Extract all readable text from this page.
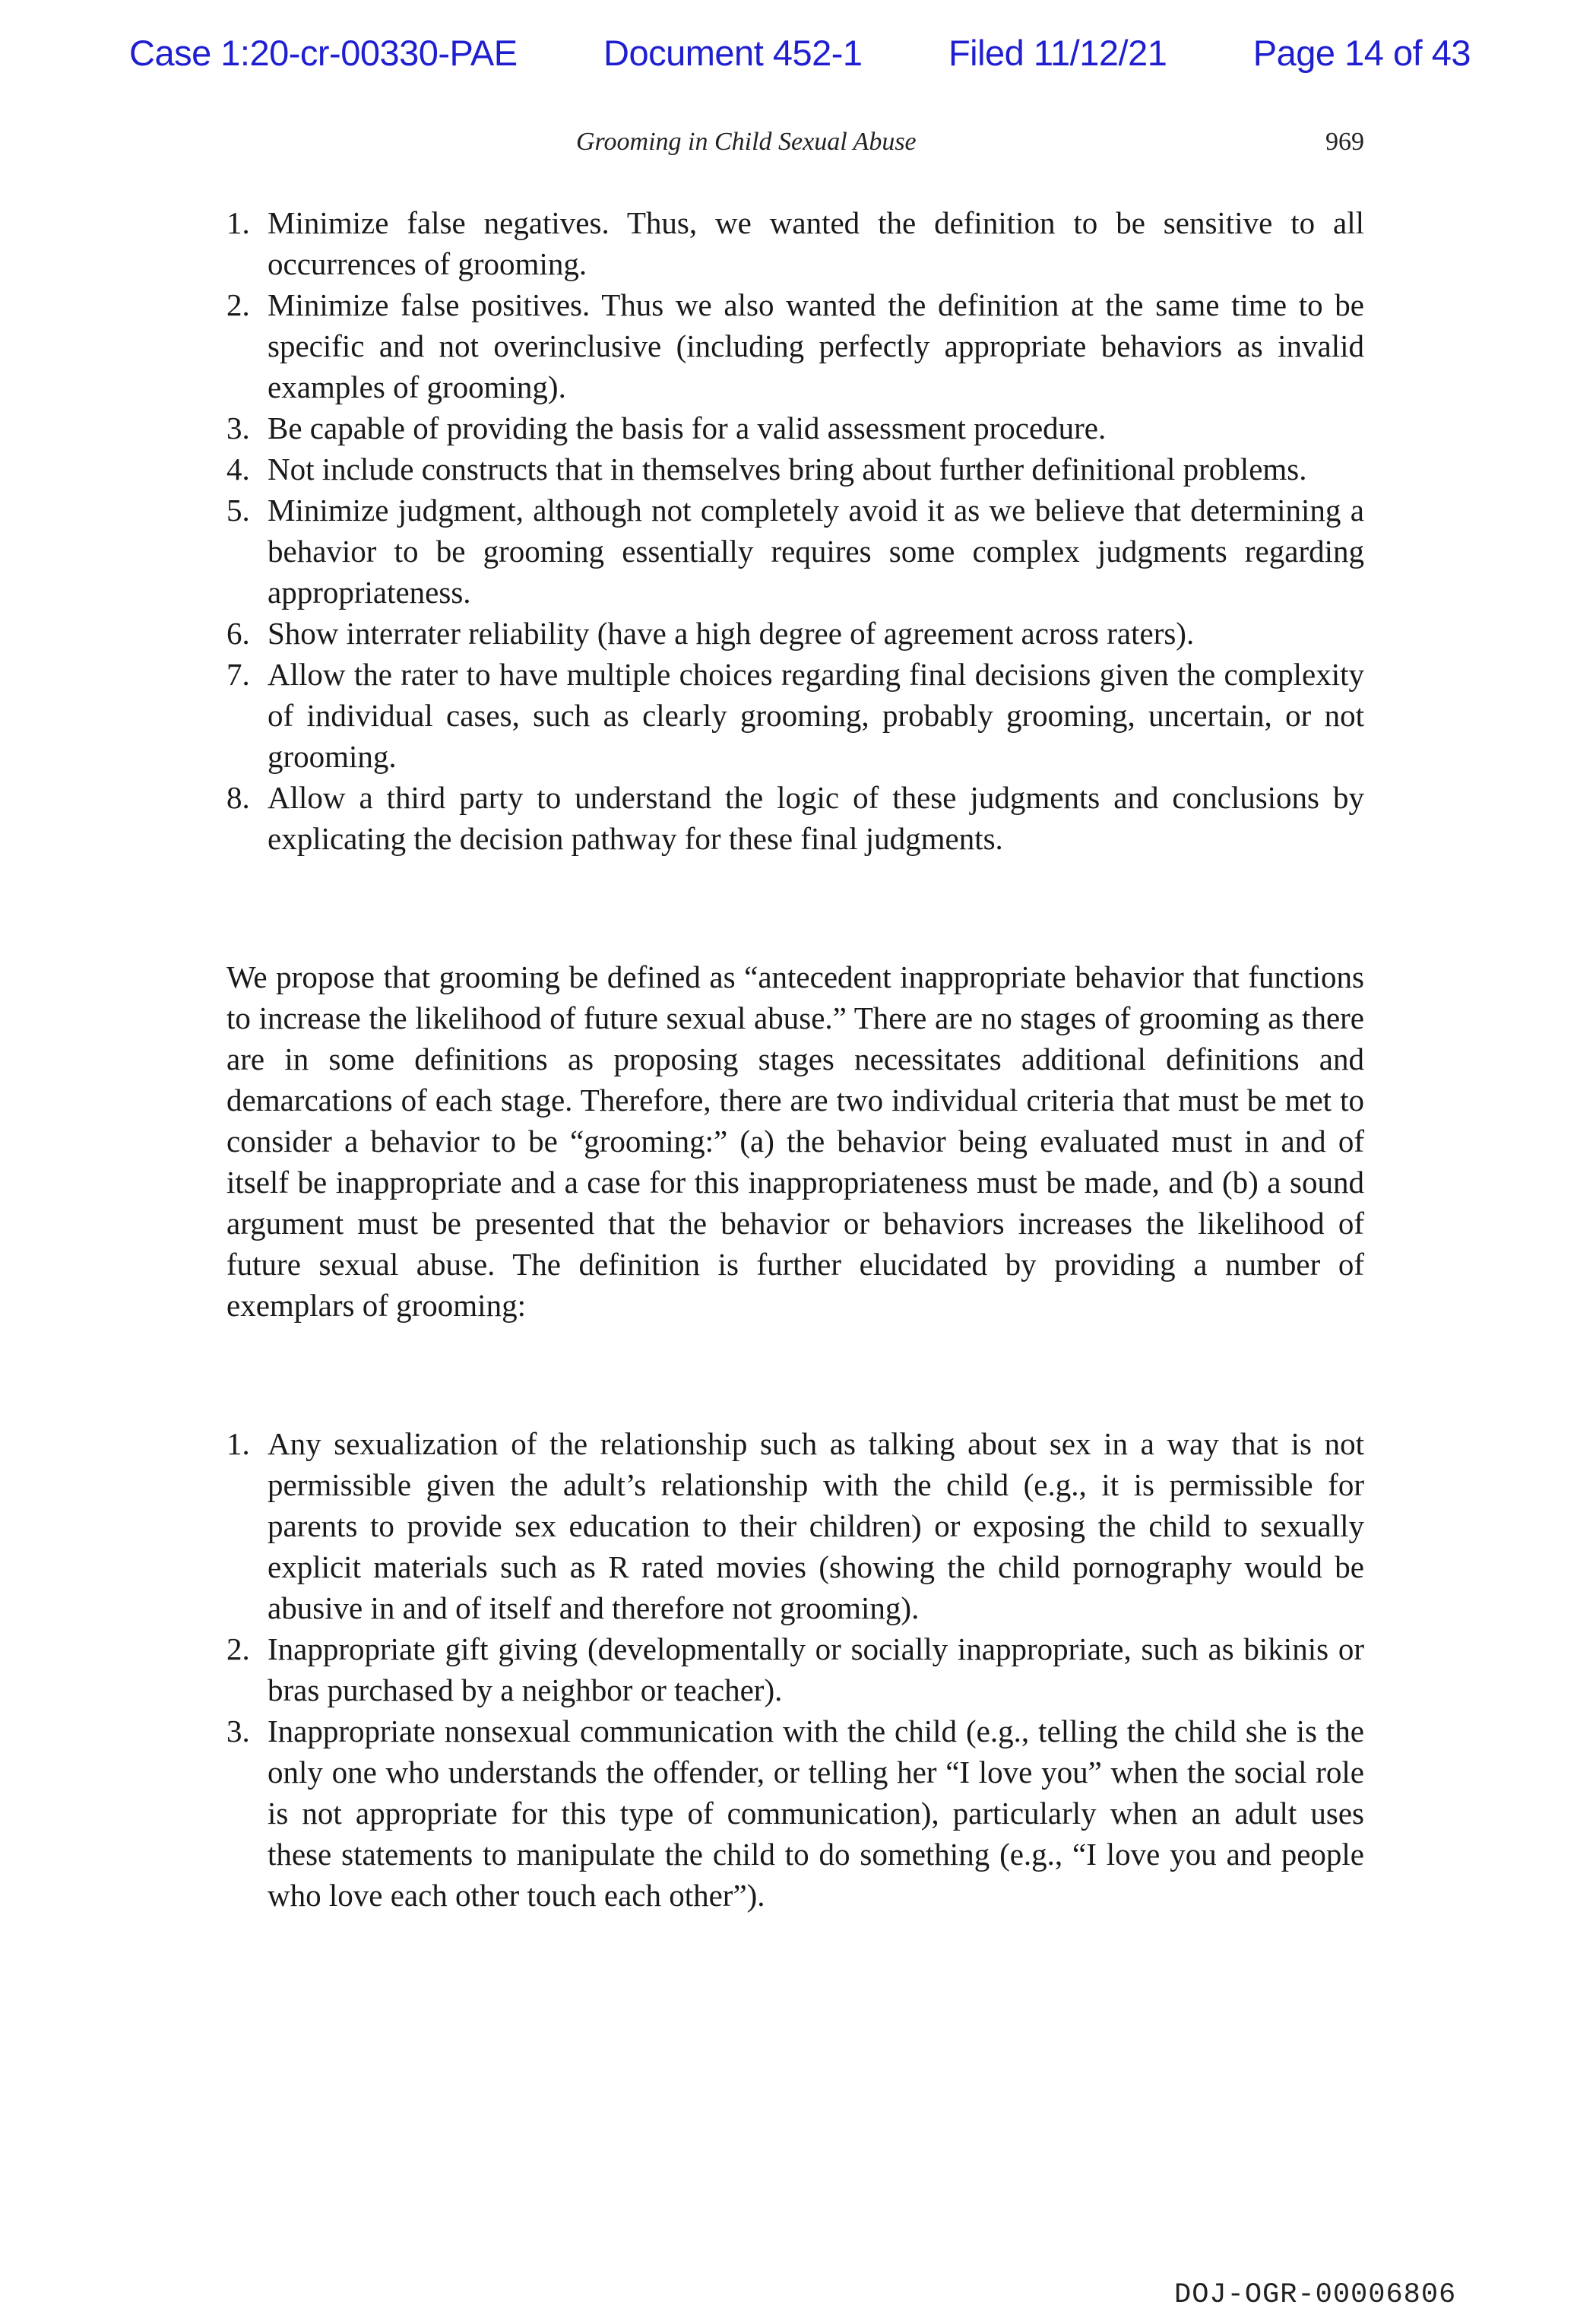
Case 1:20-cr-00330-PAE Document 452-1 Filed 11/12/21 Page 14 of 43
Grooming in Child Sexual Abuse	969
1. Minimize false negatives. Thus, we wanted the definition to be sensitive to all occurrences of grooming.
2. Minimize false positives. Thus we also wanted the definition at the same time to be specific and not overinclusive (including perfectly appropriate behaviors as invalid examples of grooming).
3. Be capable of providing the basis for a valid assessment procedure.
4. Not include constructs that in themselves bring about further definitional problems.
5. Minimize judgment, although not completely avoid it as we believe that determining a behavior to be grooming essentially requires some complex judgments regarding appropriateness.
6. Show interrater reliability (have a high degree of agreement across raters).
7. Allow the rater to have multiple choices regarding final decisions given the complexity of individual cases, such as clearly grooming, probably grooming, uncertain, or not grooming.
8. Allow a third party to understand the logic of these judgments and conclusions by explicating the decision pathway for these final judgments.
We propose that grooming be defined as “antecedent inappropriate behavior that functions to increase the likelihood of future sexual abuse.” There are no stages of grooming as there are in some definitions as proposing stages necessitates additional definitions and demarcations of each stage. Therefore, there are two individual criteria that must be met to consider a behavior to be “grooming:” (a) the behavior being evaluated must in and of itself be inappropriate and a case for this inappropriateness must be made, and (b) a sound argument must be presented that the behavior or behaviors increases the likelihood of future sexual abuse. The definition is further elucidated by providing a number of exemplars of grooming:
1. Any sexualization of the relationship such as talking about sex in a way that is not permissible given the adult’s relationship with the child (e.g., it is permissible for parents to provide sex education to their children) or exposing the child to sexually explicit materials such as R rated movies (showing the child pornography would be abusive in and of itself and therefore not grooming).
2. Inappropriate gift giving (developmentally or socially inappropriate, such as bikinis or bras purchased by a neighbor or teacher).
3. Inappropriate nonsexual communication with the child (e.g., telling the child she is the only one who understands the offender, or telling her “I love you” when the social role is not appropriate for this type of communication), particularly when an adult uses these statements to manipulate the child to do something (e.g., “I love you and people who love each other touch each other”).
DOJ-OGR-00006806
